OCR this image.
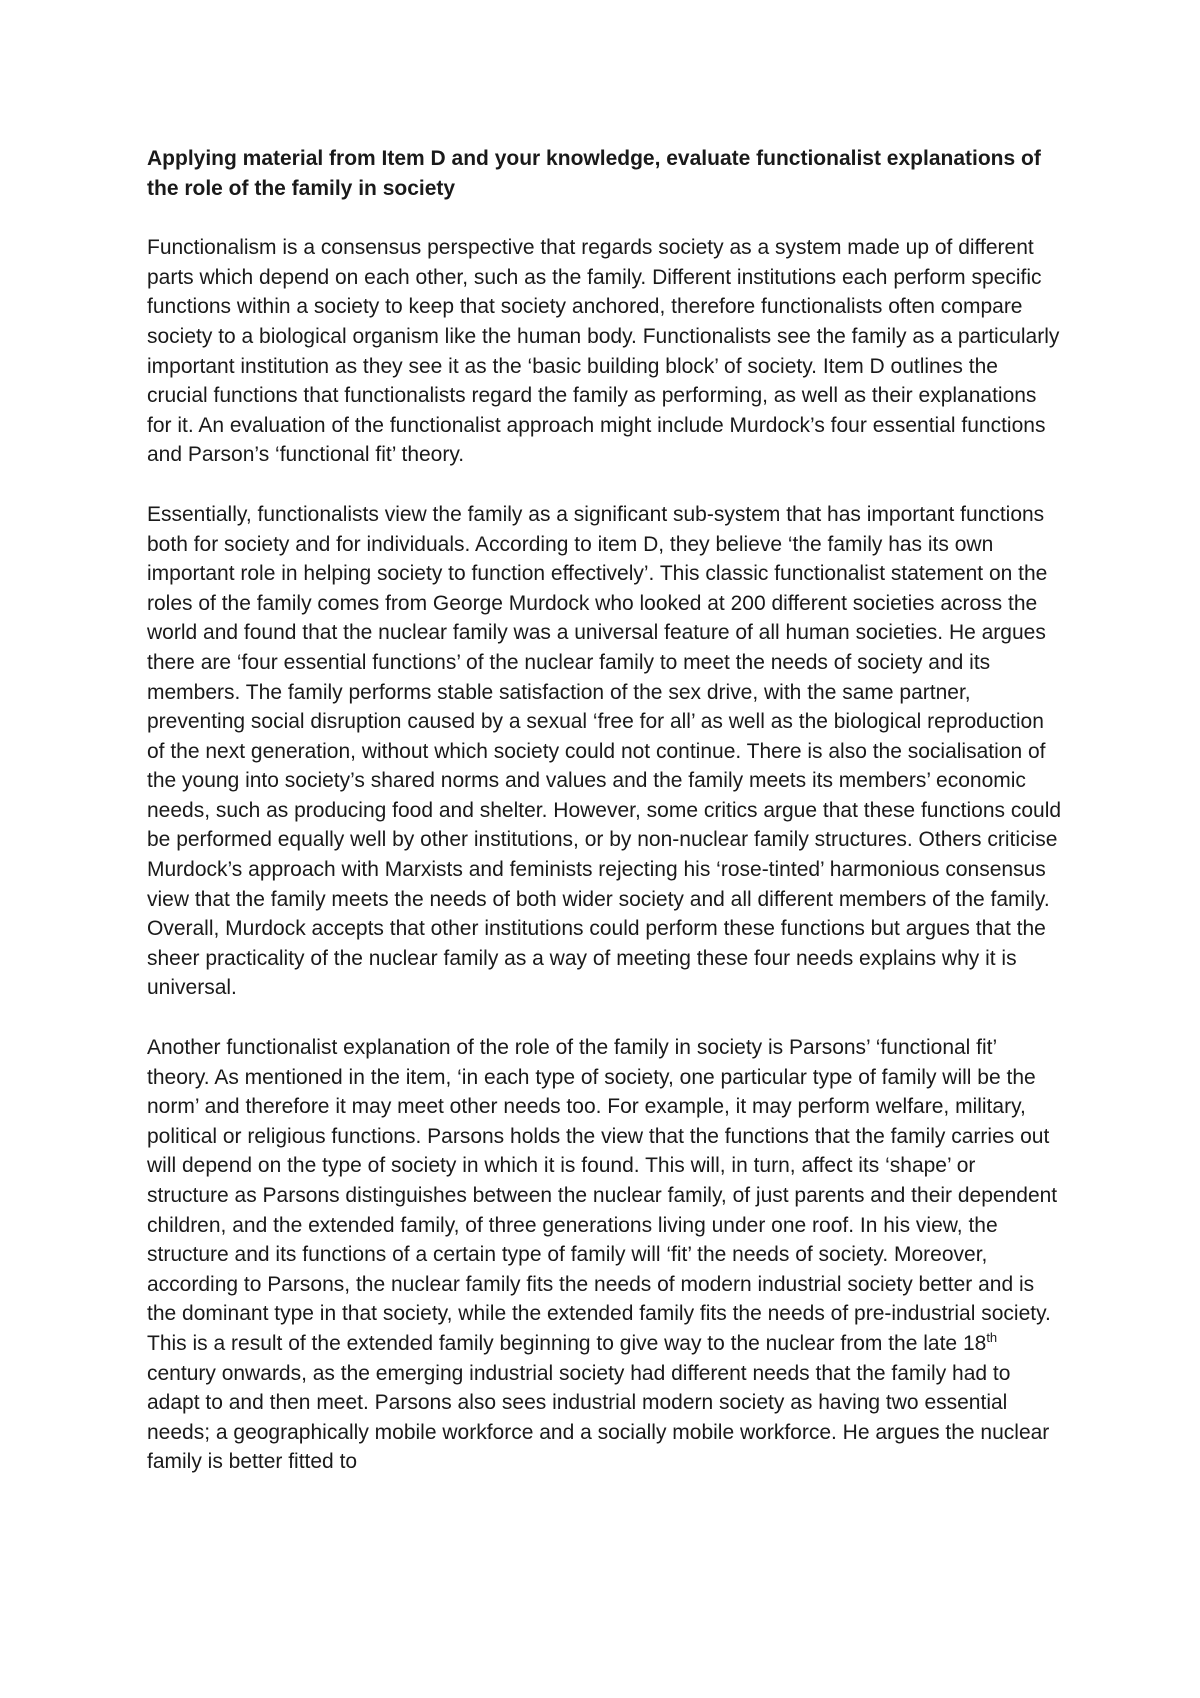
Applying material from Item D and your knowledge, evaluate functionalist explanations of the role of the family in society

Functionalism is a consensus perspective that regards society as a system made up of different parts which depend on each other, such as the family. Different institutions each perform specific functions within a society to keep that society anchored, therefore functionalists often compare society to a biological organism like the human body. Functionalists see the family as a particularly important institution as they see it as the ‘basic building block’ of society. Item D outlines the crucial functions that functionalists regard the family as performing, as well as their explanations for it. An evaluation of the functionalist approach might include Murdock’s four essential functions and Parson’s ‘functional fit’ theory.

Essentially, functionalists view the family as a significant sub-system that has important functions both for society and for individuals. According to item D, they believe ‘the family has its own important role in helping society to function effectively’. This classic functionalist statement on the roles of the family comes from George Murdock who looked at 200 different societies across the world and found that the nuclear family was a universal feature of all human societies. He argues there are ‘four essential functions’ of the nuclear family to meet the needs of society and its members. The family performs stable satisfaction of the sex drive, with the same partner, preventing social disruption caused by a sexual ‘free for all’ as well as the biological reproduction of the next generation, without which society could not continue. There is also the socialisation of the young into society’s shared norms and values and the family meets its members’ economic needs, such as producing food and shelter. However, some critics argue that these functions could be performed equally well by other institutions, or by non-nuclear family structures. Others criticise Murdock’s approach with Marxists and feminists rejecting his ‘rose-tinted’ harmonious consensus view that the family meets the needs of both wider society and all different members of the family. Overall, Murdock accepts that other institutions could perform these functions but argues that the sheer practicality of the nuclear family as a way of meeting these four needs explains why it is universal.

Another functionalist explanation of the role of the family in society is Parsons’ ‘functional fit’ theory. As mentioned in the item, ‘in each type of society, one particular type of family will be the norm’ and therefore it may meet other needs too. For example, it may perform welfare, military, political or religious functions. Parsons holds the view that the functions that the family carries out will depend on the type of society in which it is found. This will, in turn, affect its ‘shape’ or structure as Parsons distinguishes between the nuclear family, of just parents and their dependent children, and the extended family, of three generations living under one roof. In his view, the structure and its functions of a certain type of family will ‘fit’ the needs of society. Moreover, according to Parsons, the nuclear family fits the needs of modern industrial society better and is the dominant type in that society, while the extended family fits the needs of pre-industrial society. This is a result of the extended family beginning to give way to the nuclear from the late 18th century onwards, as the emerging industrial society had different needs that the family had to adapt to and then meet. Parsons also sees industrial modern society as having two essential needs; a geographically mobile workforce and a socially mobile workforce. He argues the nuclear family is better fitted to
